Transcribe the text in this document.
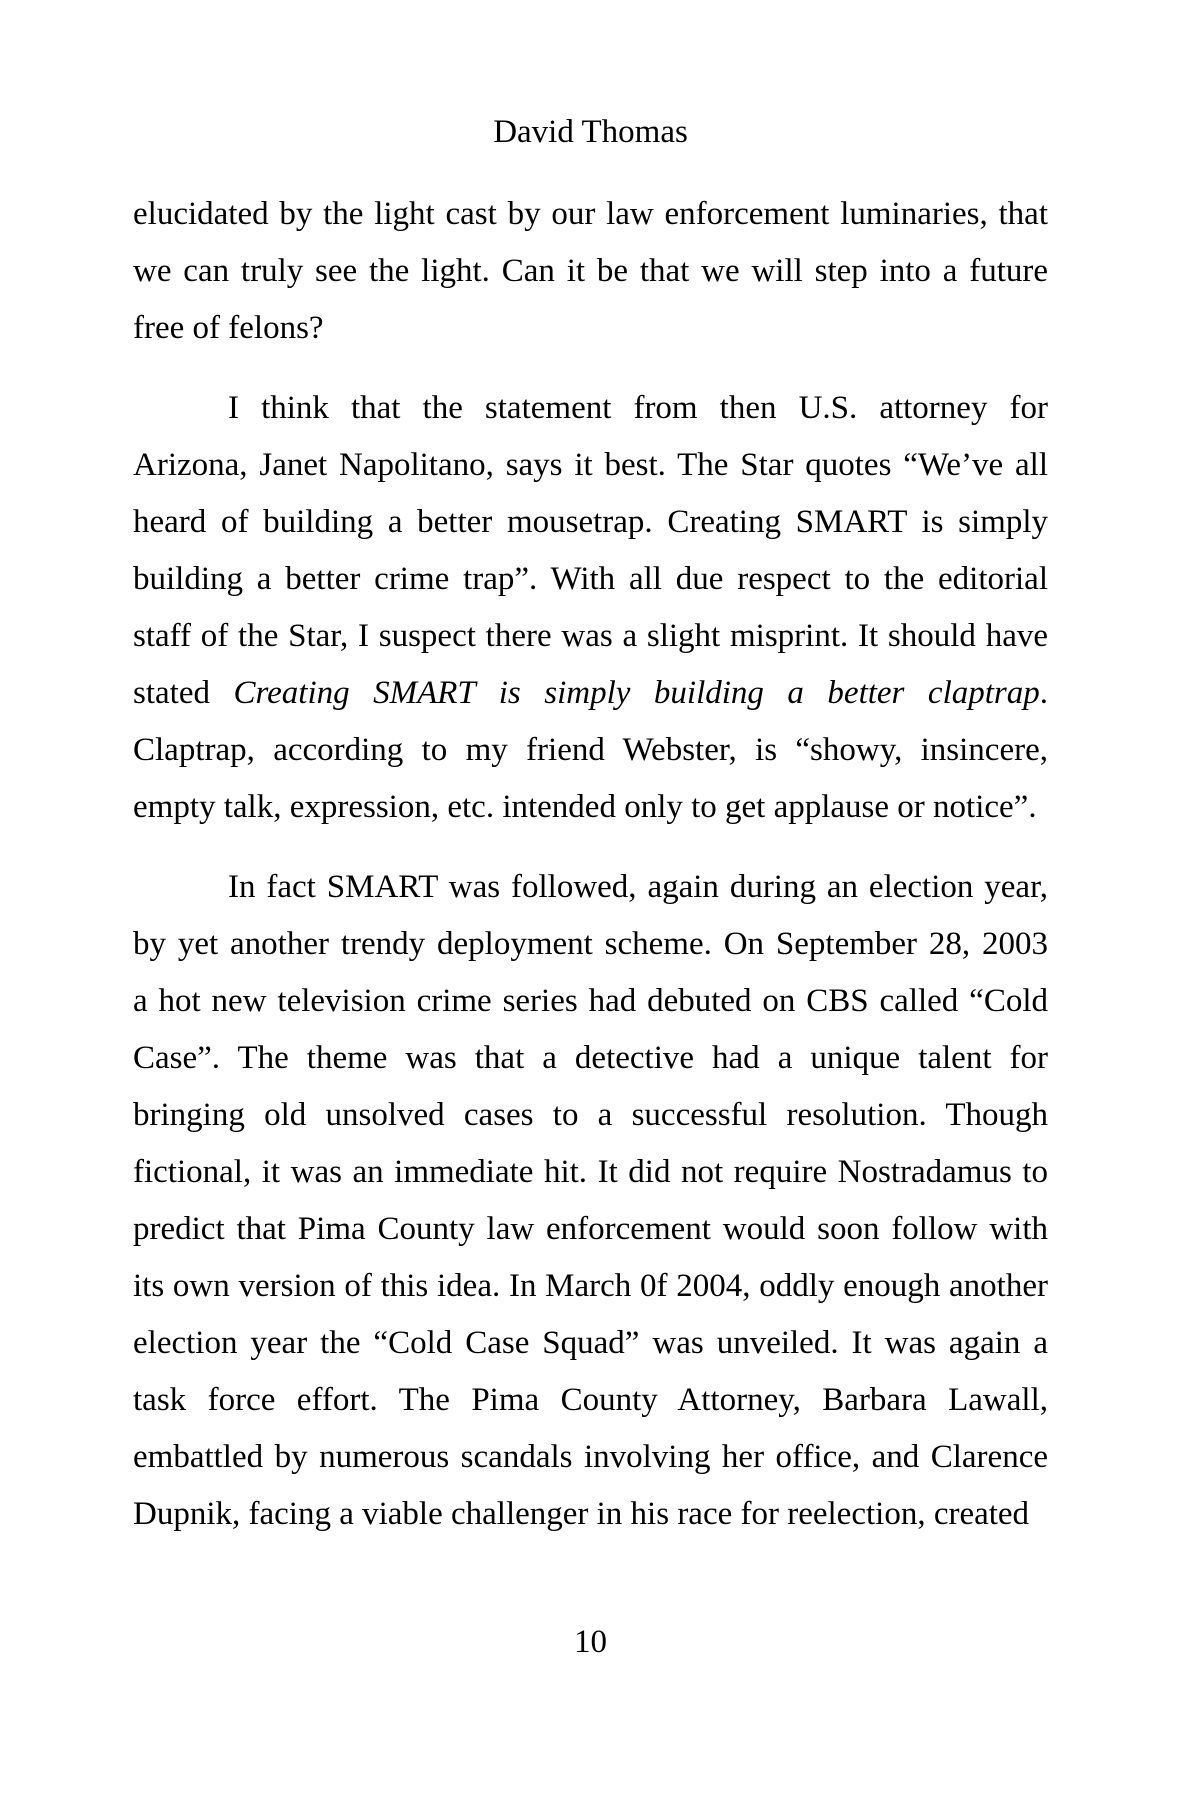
David Thomas
elucidated by the light cast by our law enforcement luminaries, that
we can truly see the light. Can it be that we will step into a future
free of felons?
I think that the statement from then U.S. attorney for
Arizona, Janet Napolitano, says it best. The Star quotes “We’ve all
heard of building a better mousetrap. Creating SMART is simply
building a better crime trap”. With all due respect to the editorial
staff of the Star, I suspect there was a slight misprint. It should have
stated Creating SMART is simply building a better claptrap.
Claptrap, according to my friend Webster, is “showy, insincere,
empty talk, expression, etc. intended only to get applause or notice”.
In fact SMART was followed, again during an election year,
by yet another trendy deployment scheme. On September 28, 2003
a hot new television crime series had debuted on CBS called “Cold
Case”. The theme was that a detective had a unique talent for
bringing old unsolved cases to a successful resolution. Though
fictional, it was an immediate hit. It did not require Nostradamus to
predict that Pima County law enforcement would soon follow with
its own version of this idea. In March 0f 2004, oddly enough another
election year the “Cold Case Squad” was unveiled. It was again a
task force effort. The Pima County Attorney, Barbara Lawall,
embattled by numerous scandals involving her office, and Clarence
Dupnik, facing a viable challenger in his race for reelection, created
10
